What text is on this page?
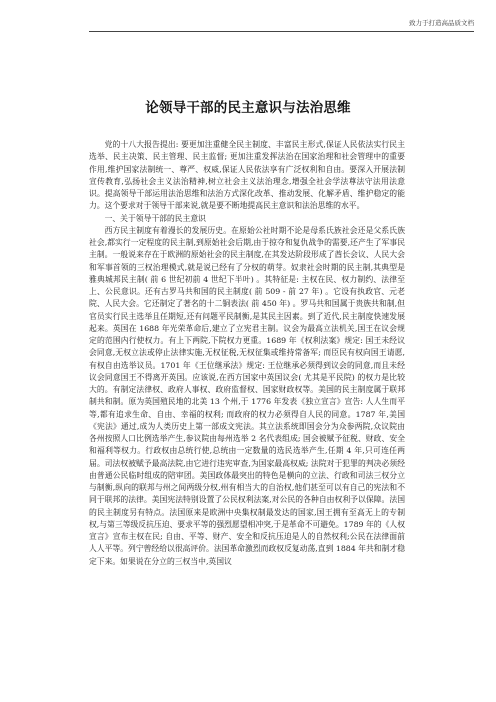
致力于打造高品质文档
论领导干部的民主意识与法治思维

党的十八大报告提出: 要更加注重健全民主制度、丰富民主形式,保证人民依法实行民主选举、民主决策、民主管理、民主监督; 更加注重发挥法治在国家治理和社会管理中的重要作用,维护国家法制统一、尊严、权威,保证人民依法享有广泛权利和自由。要深入开展法制宣传教育,弘扬社会主义法治精神,树立社会主义法治理念,增强全社会学法尊法守法用法意识。提高领导干部运用法治思维和法治方式深化改革、推动发展、化解矛盾、维护稳定的能力。这个要求对于领导干部来说,就是要不断地提高民主意识和法治思维的水平。

一、关于领导干部的民主意识

西方民主制度有着漫长的发展历史。在原始公社时期不论是母系氏族社会还是父系氏族社会,都实行一定程度的民主制,到原始社会后期,由于掠夺和复仇战争的需要,还产生了军事民主制。一般说来存在于欧洲的原始社会的民主制度,在其发达阶段形成了酋长会议、人民大会和军事首领的三权治理模式,就是说已经有了分权的萌芽。奴隶社会时期的民主制,其典型是雅典城邦民主制( 前 6 世纪初前 4 世纪下半叶) 。其特征是: 主权在民、权力制约、法律至上、公民意识。还有古罗马共和国的民主制度( 前 509 - 前 27 年) 。它设有执政官、元老院、人民大会。它还制定了著名的十二铜表法( 前 450 年) 。罗马共和国属于贵族共和制,但官员实行民主选举且任期短,还有问题平民制衡,是其民主因素。到了近代,民主制度快速发展起来。英国在 1688 年光荣革命后,建立了立宪君主制。议会为最高立法机关,国王在议会规定的范围内行使权力。有上下两院,下院权力更重。1689 年《权利法案》规定: 国王未经议会同意,无权立法或停止法律实施,无权征税,无权征集或维持常备军; 而臣民有权向国王请愿,有权自由选举议员。1701 年《王位继承法》规定: 王位继承必须得到议会的同意,而且未经议会同意国王不得离开英国。应该说,在西方国家中英国议会( 尤其是平民院) 的权力是比较大的。有制定法律权、政府人事权、政府监督权、国家财政权等。美国的民主制度属于联邦制共和制。原为英国殖民地的北美 13 个州,于 1776 年发表《独立宣言》宣告: 人人生而平等,都有追求生命、自由、幸福的权利; 而政府的权力必须得自人民的同意。1787 年,美国《宪法》通过,成为人类历史上第一部成文宪法。其立法系统即国会分为众参两院,众议院由各州按照人口比例选举产生,参议院由每州选举 2 名代表组成; 国会被赋予征税、财政、安全和福利等权力。行政权由总统行使,总统由一定数量的选民选举产生,任期 4 年,只可连任两届。司法权被赋予最高法院,由它进行违宪审查,为国家最高权威; 法院对于犯罪的判决必须经由普通公民临时组成的陪审团。美国政体最突出的特色是横向的立法、行政和司法三权分立与制衡,纵向的联邦与州之间两级分权,州有相当大的自治权,他们甚至可以有自己的宪法和不同于联邦的法律。美国宪法特别设置了公民权利法案,对公民的各种自由权利予以保障。法国的民主制度另有特点。法国原来是欧洲中央集权制最发达的国家,国王拥有至高无上的专制权,与第三等级反抗压迫、要求平等的强烈愿望相冲突,于是革命不可避免。1789 年的《人权宣言》宣布主权在民; 自由、平等、财产、安全和反抗压迫是人的自然权利;公民在法律面前人人平等。列宁曾经给以很高评价。法国革命激烈而政权反复动荡,直到 1884 年共和制才稳定下来。如果说在分立的三权当中,英国议
